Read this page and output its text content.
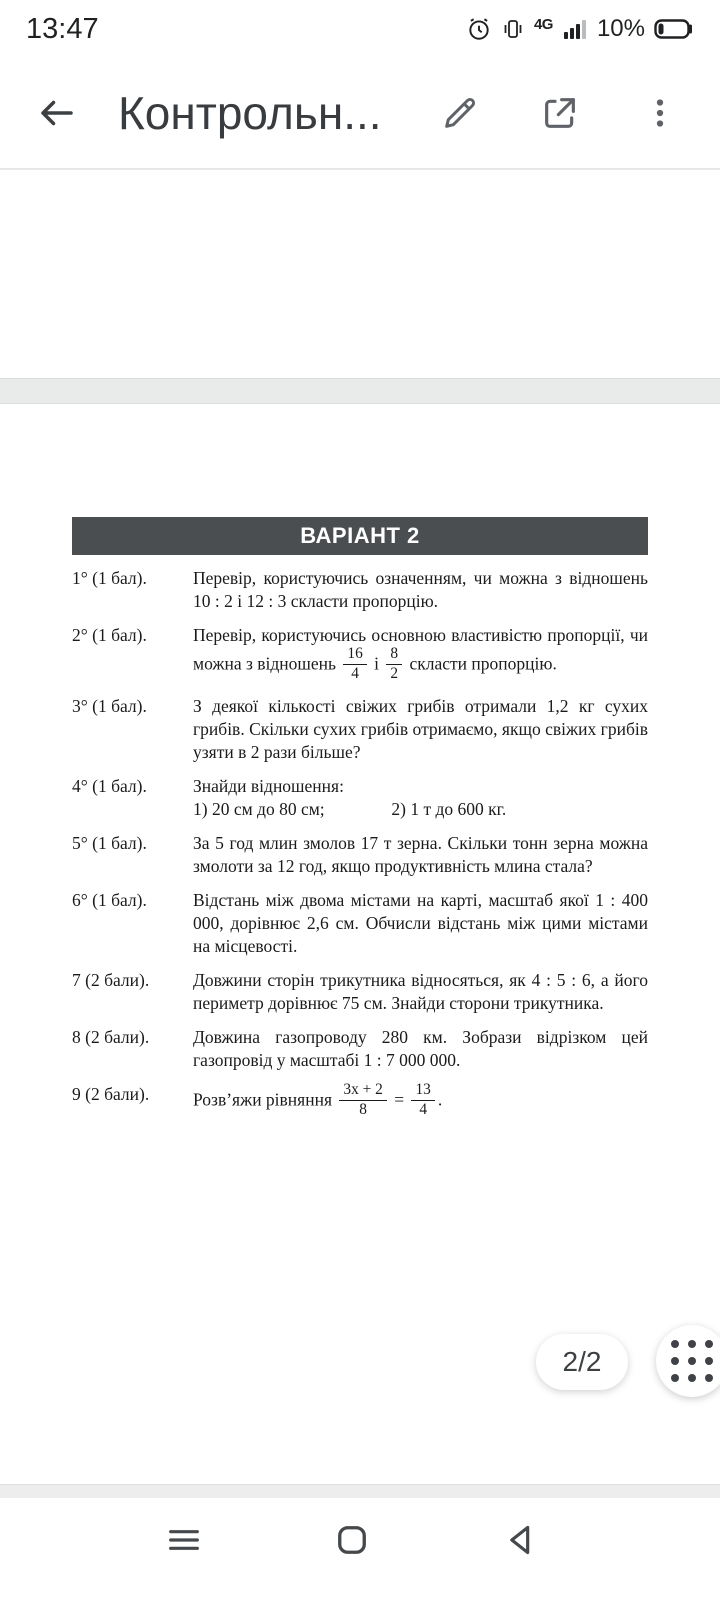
13:47	4G 10%
Контрольн...
ВАРІАНТ 2
1° (1 бал).	Перевір, користуючись означенням, чи можна з відношень 10 : 2 і 12 : 3 скласти пропорцію.
2° (1 бал).	Перевір, користуючись основною властивістю пропорції, чи можна з відношень $\frac{16}{4}$ і $\frac{8}{2}$ скласти пропорцію.
3° (1 бал).	З деякої кількості свіжих грибів отримали 1,2 кг сухих грибів. Скільки сухих грибів отримаємо, якщо свіжих грибів узяти в 2 рази більше?
4° (1 бал).	Знайди відношення:
1) 20 см до 80 см;	2) 1 т до 600 кг.
5° (1 бал).	За 5 год млин змолов 17 т зерна. Скільки тонн зерна можна змолоти за 12 год, якщо продуктивність млина стала?
6° (1 бал).	Відстань між двома містами на карті, масштаб якої 1 : 400 000, дорівнює 2,6 см. Обчисли відстань між цими містами на місцевості.
7 (2 бали).	Довжини сторін трикутника відносяться, як 4 : 5 : 6, а його периметр дорівнює 75 см. Знайди сторони трикутника.
8 (2 бали).	Довжина газопроводу 280 км. Зобрази відрізком цей газопровід у масштабі 1 : 7 000 000.
9 (2 бали).	Розв’яжи рівняння $\frac{3x + 2}{8} = \frac{13}{4}$ .
2/2
